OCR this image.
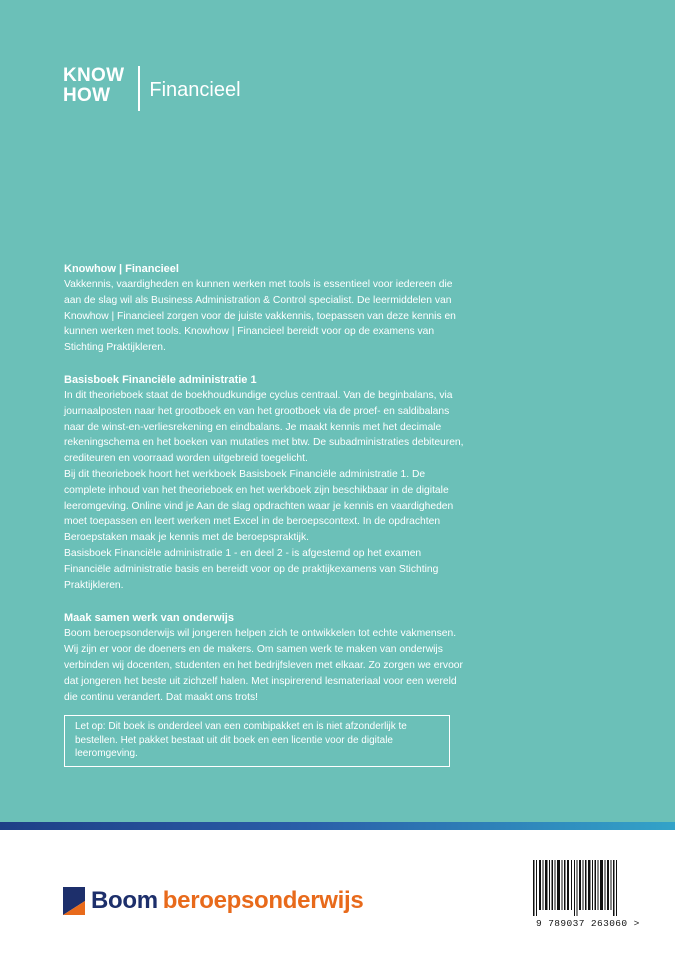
KNOW
HOW	Financieel
Knowhow | Financieel

Vakkennis, vaardigheden en kunnen werken met tools is essentieel voor iedereen die aan de slag wil als Business Administration & Control specialist. De leermiddelen van Knowhow | Financieel zorgen voor de juiste vakkennis, toepassen van deze kennis en kunnen werken met tools. Knowhow | Financieel bereidt voor op de examens van Stichting Praktijkleren.

Basisboek Financiële administratie 1

In dit theorieboek staat de boekhoudkundige cyclus centraal. Van de beginbalans, via journaalposten naar het grootboek en van het grootboek via de proef- en saldibalans naar de winst-en-verliesrekening en eindbalans. Je maakt kennis met het decimale rekeningschema en het boeken van mutaties met btw. De subadministraties debiteuren, crediteuren en voorraad worden uitgebreid toegelicht.

Bij dit theorieboek hoort het werkboek Basisboek Financiële administratie 1. De complete inhoud van het theorieboek en het werkboek zijn beschikbaar in de digitale leeromgeving. Online vind je Aan de slag opdrachten waar je kennis en vaardigheden moet toepassen en leert werken met Excel in de beroepscontext. In de opdrachten Beroepstaken maak je kennis met de beroepspraktijk.

Basisboek Financiële administratie 1 - en deel 2 - is afgestemd op het examen Financiële administratie basis en bereidt voor op de praktijkexamens van Stichting Praktijkleren.

Maak samen werk van onderwijs

Boom beroepsonderwijs wil jongeren helpen zich te ontwikkelen tot echte vakmensen. Wij zijn er voor de doeners en de makers. Om samen werk te maken van onderwijs verbinden wij docenten, studenten en het bedrijfsleven met elkaar. Zo zorgen we ervoor dat jongeren het beste uit zichzelf halen. Met inspirerend lesmateriaal voor een wereld die continu verandert. Dat maakt ons trots!

Let op: Dit boek is onderdeel van een combipakket en is niet afzonderlijk te bestellen. Het pakket bestaat uit dit boek en een licentie voor de digitale leeromgeving.
Boom beroepsonderwijs
9 789037 263060 >
